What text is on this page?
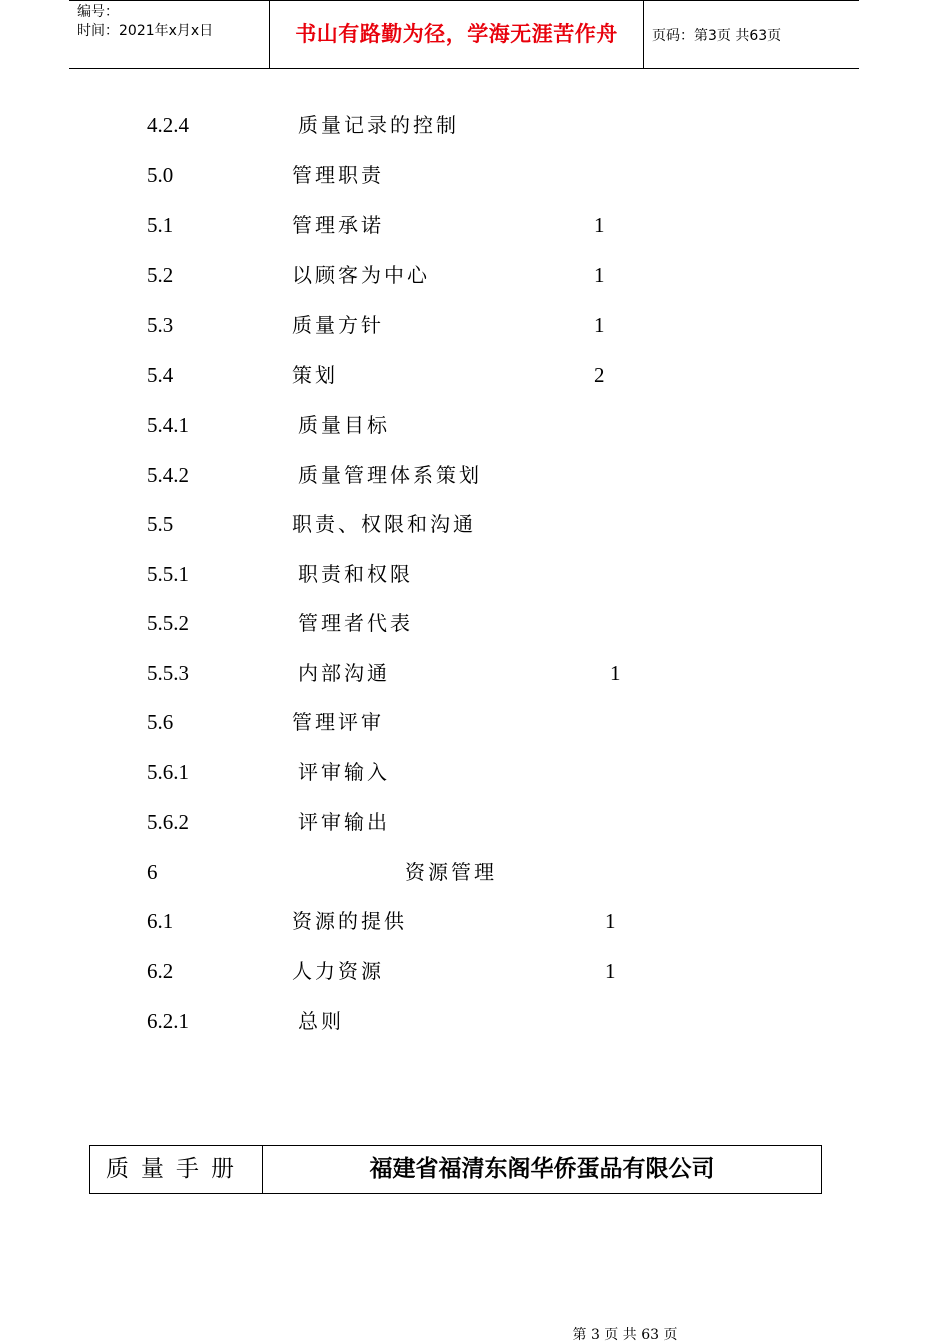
编号：
时间：2021年x月x日	书山有路勤为径，学海无涯苦作舟	页码：第3页 共63页
4.2.4	质量记录的控制
5.0	管理职责
5.1	管理承诺	1
5.2	以顾客为中心	1
5.3	质量方针	1
5.4	策划	2
5.4.1	质量目标
5.4.2	质量管理体系策划
5.5	职责、权限和沟通
5.5.1	职责和权限
5.5.2	管理者代表
5.5.3	内部沟通	1
5.6	管理评审
5.6.1	评审输入
5.6.2	评审输出
6	资源管理
6.1	资源的提供	1
6.2	人力资源	1
6.2.1	总则
质量手册	福建省福清东阁华侨蛋品有限公司
第 3 页 共 63 页
